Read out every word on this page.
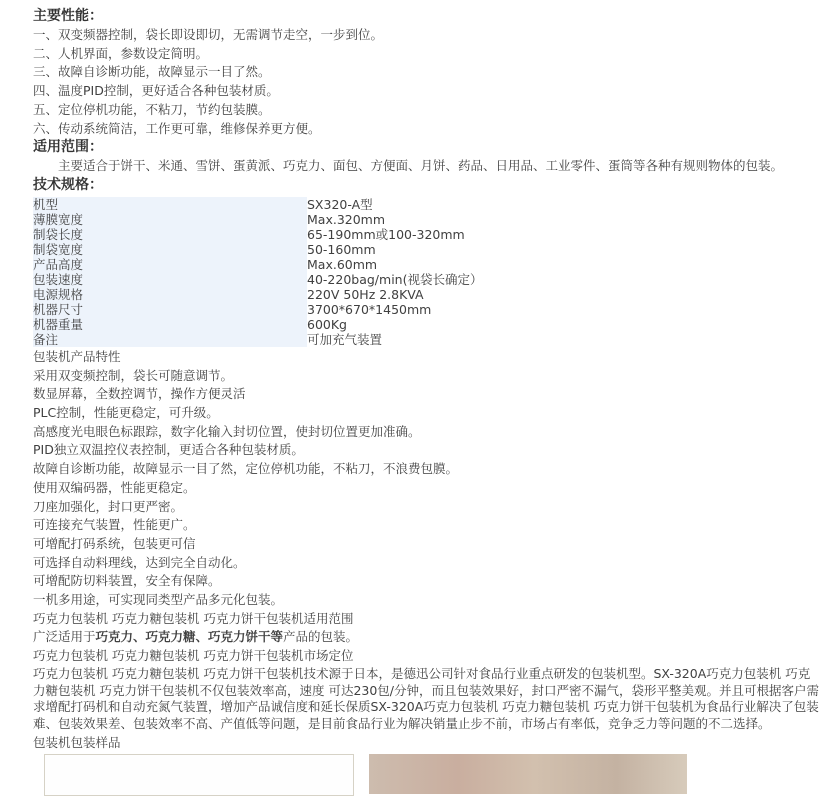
主要性能：
一、双变频器控制，袋长即设即切，无需调节走空，一步到位。
二、人机界面，参数设定简明。
三、故障自诊断功能，故障显示一目了然。
四、温度PID控制，更好适合各种包装材质。
五、定位停机功能，不粘刀，节约包装膜。
六、传动系统简洁，工作更可靠，维修保养更方便。
适用范围：
主要适合于饼干、米通、雪饼、蛋黄派、巧克力、面包、方便面、月饼、药品、日用品、工业零件、蛋筒等各种有规则物体的包装。
技术规格：
机型	SX320-A型
薄膜宽度	Max.320mm
制袋长度	65-190mm或100-320mm
制袋宽度	50-160mm
产品高度	Max.60mm
包装速度	40-220bag/min(视袋长确定）
电源规格	220V 50Hz 2.8KVA
机器尺寸	3700*670*1450mm
机器重量	600Kg
备注	可加充气装置
包装机产品特性
采用双变频控制，袋长可随意调节。
数显屏幕，全数控调节，操作方便灵活
PLC控制，性能更稳定，可升级。
高感度光电眼色标跟踪，数字化输入封切位置，使封切位置更加准确。
PID独立双温控仪表控制，更适合各种包装材质。
故障自诊断功能，故障显示一目了然，定位停机功能，不粘刀，不浪费包膜。
使用双编码器，性能更稳定。
刀座加强化，封口更严密。
可连接充气装置，性能更广。
可增配打码系统，包装更可信
可选择自动料理线，达到完全自动化。
可增配防切料装置，安全有保障。
一机多用途，可实现同类型产品多元化包装。
巧克力包装机 巧克力糖包装机 巧克力饼干包装机适用范围
广泛适用于巧克力、巧克力糖、巧克力饼干等产品的包装。
巧克力包装机 巧克力糖包装机 巧克力饼干包装机市场定位
巧克力包装机 巧克力糖包装机 巧克力饼干包装机技术源于日本，是德迅公司针对食品行业重点研发的包装机型。SX-320A巧克力包装机 巧克力糖包装机 巧克力饼干包装机不仅包装效率高，速度 可达230包/分钟，而且包装效果好，封口严密不漏气，袋形平整美观。并且可根据客户需求增配打码机和自动充氮气装置，增加产品诚信度和延长保质SX-320A巧克力包装机 巧克力糖包装机 巧克力饼干包装机为食品行业解决了包装难、包装效果差、包装效率不高、产值低等问题，是目前食品行业为解决销量止步不前，市场占有率低，竞争乏力等问题的不二选择。
包装机包装样品
